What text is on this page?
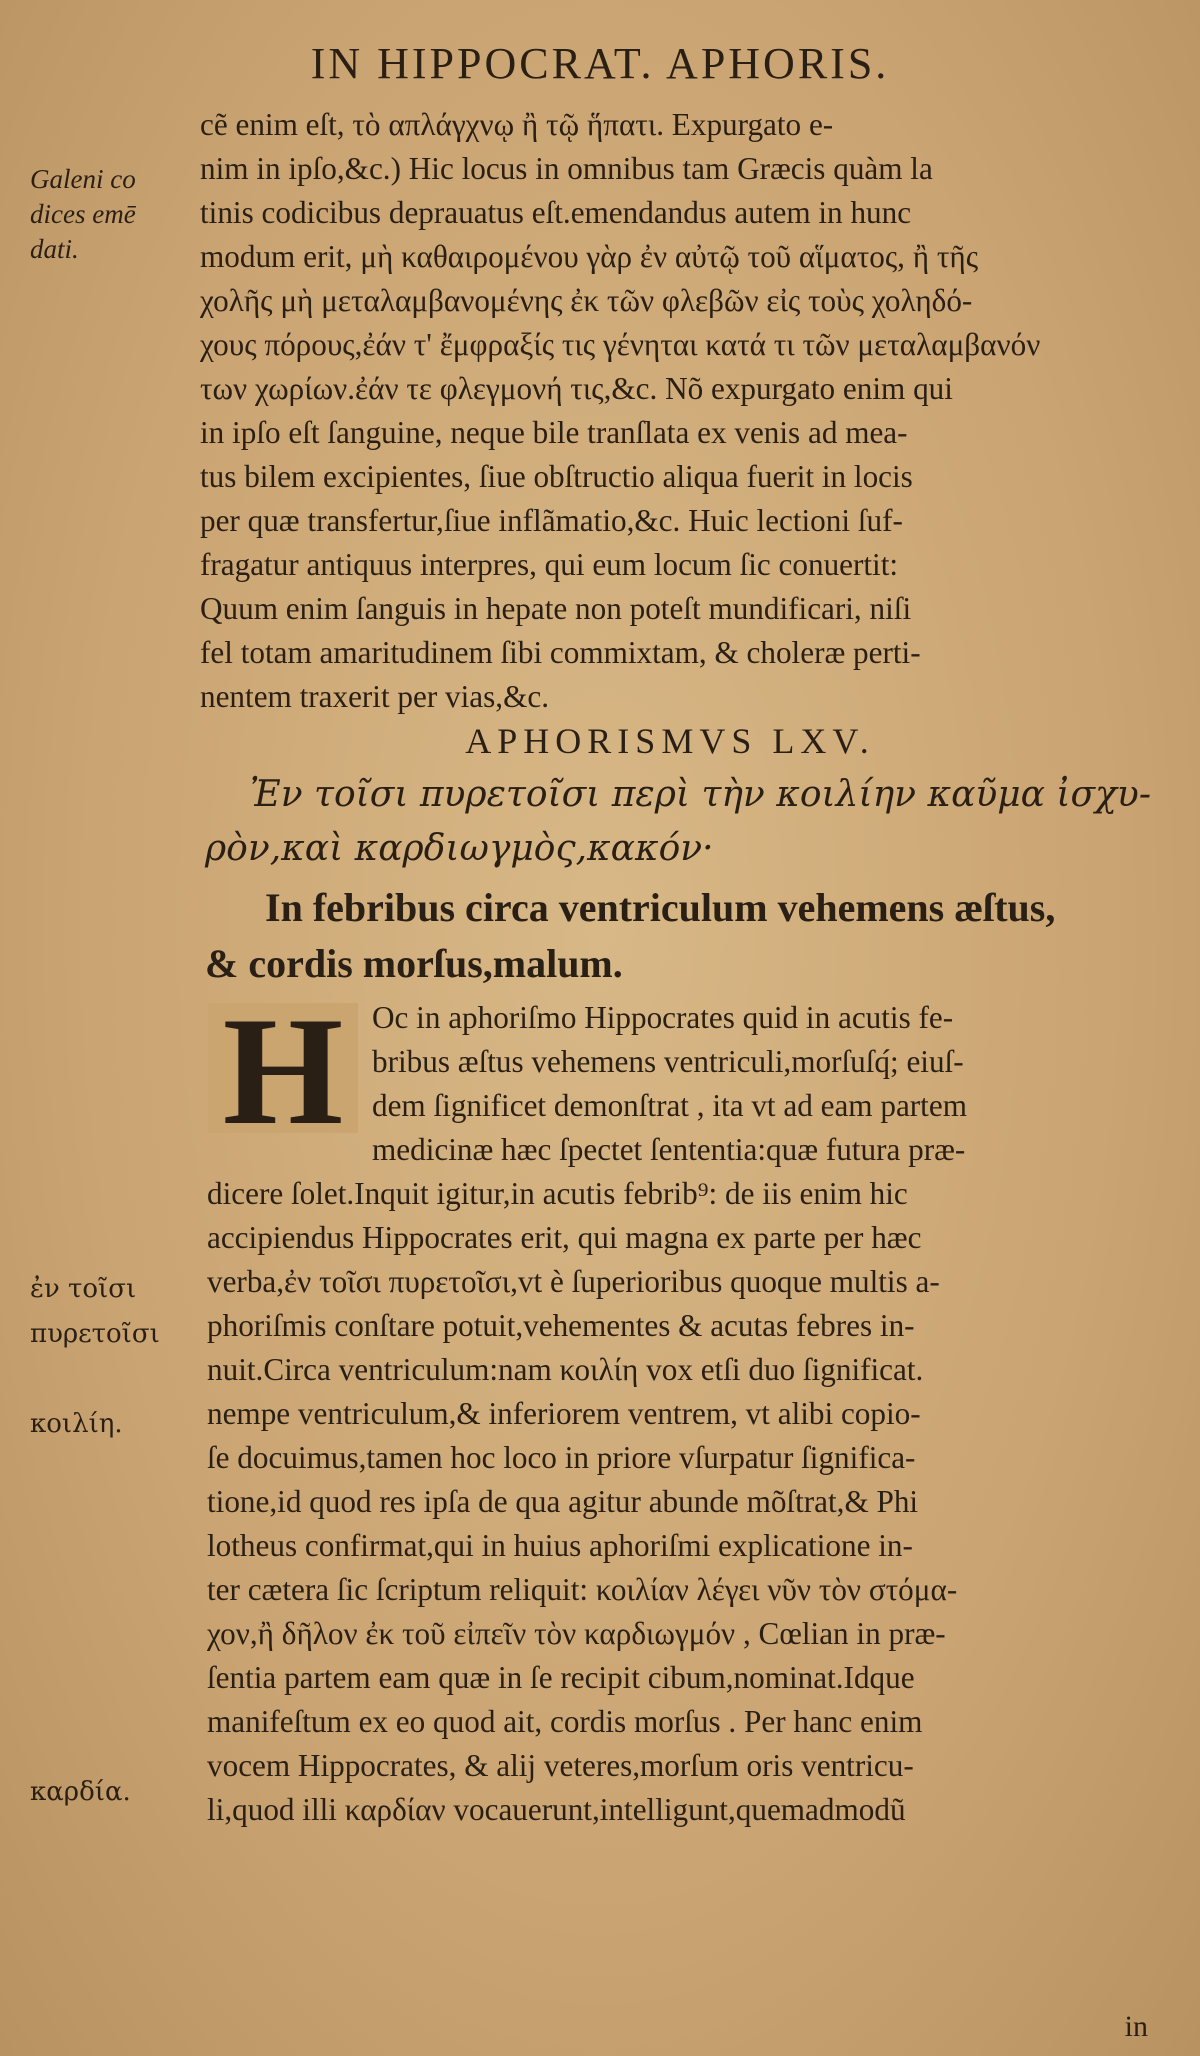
IN HIPPOCRAT. APHORIS.
Galeni co
dices emē
dati.
ἐν τοῖσι
πυρετοῖσι
κοιλίη.
καρδία.
cẽ enim eſt, τὸ απλάγχνῳ ἢ τῷ ἥπατι. Expurgato e-
nim in ipſo,&c.) Hic locus in omnibus tam Græcis quàm la
tinis codicibus deprauatus eſt.emendandus autem in hunc
modum erit, μὴ καθαιρομένου γὰρ ἐν αὐτῷ τοῦ αἵματος, ἢ τῆς
χολῆς μὴ μεταλαμβανομένης ἐκ τῶν φλεβῶν εἰς τοὺς χοληδό-
χους πόρους,ἐάν τ' ἔμφραξίς τις γένηται κατά τι τῶν μεταλαμβανόν
των χωρίων.ἐάν τε φλεγμονή τις,&c. Nõ expurgato enim qui
in ipſo eſt ſanguine, neque bile tranſlata ex venis ad mea-
tus bilem excipientes, ſiue obſtructio aliqua fuerit in locis
per quæ transfertur,ſiue inflãmatio,&c. Huic lectioni ſuf-
fragatur antiquus interpres, qui eum locum ſic conuertit:
Quum enim ſanguis in hepate non poteſt mundificari, niſi
fel totam amaritudinem ſibi commixtam, & choleræ perti-
nentem traxerit per vias,&c.
APHORISMVS LXV.
Ἐν τοῖσι πυρετοῖσι περὶ τὴν κοιλίην καῦμα ἰσχυ-
ρὸν,καὶ καρδιωγμὸς,κακόν·
In febribus circa ventriculum vehemens æſtus,
& cordis morſus,malum.
H Oc in aphoriſmo Hippocrates quid in acutis fe-
bribus æſtus vehemens ventriculi,morſuſq́; eiuſ-
dem ſignificet demonſtrat , ita vt ad eam partem
medicinæ hæc ſpectet ſententia:quæ futura præ-
dicere ſolet.Inquit igitur,in acutis febrib⁹: de iis enim hic
accipiendus Hippocrates erit, qui magna ex parte per hæc
verba,ἐν τοῖσι πυρετοῖσι,vt è ſuperioribus quoque multis a-
phoriſmis conſtare potuit,vehementes & acutas febres in-
nuit.Circa ventriculum:nam κοιλίη vox etſi duo ſignificat.
nempe ventriculum,& inferiorem ventrem, vt alibi copio-
ſe docuimus,tamen hoc loco in priore vſurpatur ſignifica-
tione,id quod res ipſa de qua agitur abunde mõſtrat,& Phi
lotheus confirmat,qui in huius aphoriſmi explicatione in-
ter cætera ſic ſcriptum reliquit: κοιλίαν λέγει νῦν τὸν στόμα-
χον,ἢ δῆλον ἐκ τοῦ εἰπεῖν τὸν καρδιωγμόν , Cœlian in præ-
ſentia partem eam quæ in ſe recipit cibum,nominat.Idque
manifeſtum ex eo quod ait, cordis morſus . Per hanc enim
vocem Hippocrates, & alij veteres,morſum oris ventricu-
li,quod illi καρδίαν vocauerunt,intelligunt,quemadmodũ
in
